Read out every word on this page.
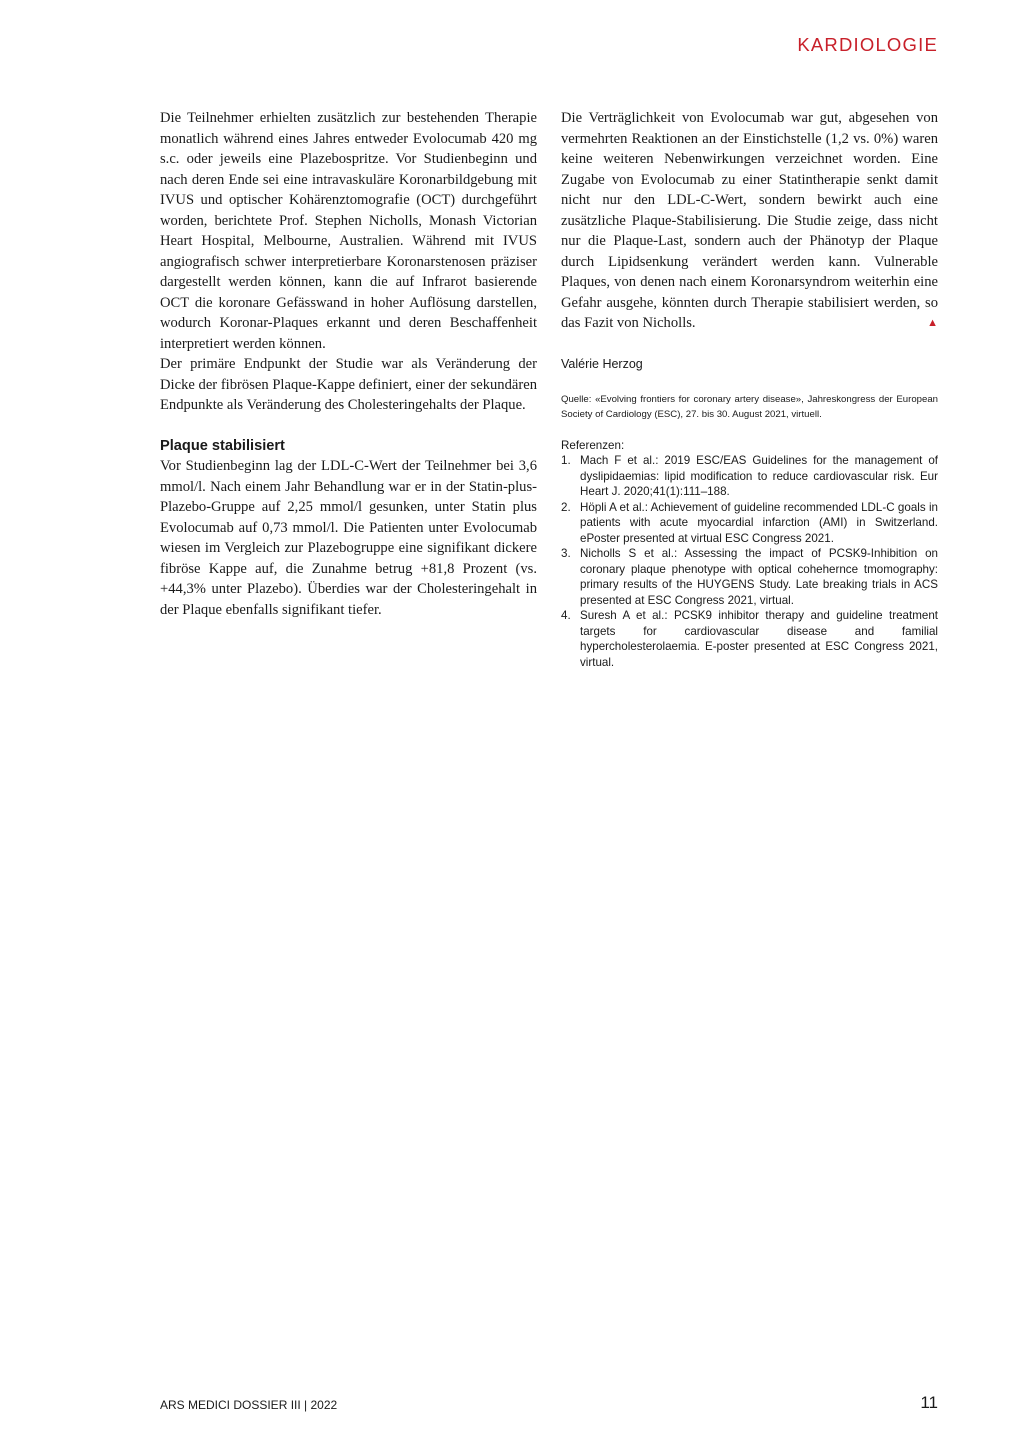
KARDIOLOGIE

Die Teilnehmer erhielten zusätzlich zur bestehenden Therapie monatlich während eines Jahres entweder Evolocumab 420 mg s.c. oder jeweils eine Plazebospritze. Vor Studienbeginn und nach deren Ende sei eine intravaskuläre Koronarbildgebung mit IVUS und optischer Kohärenztomografie (OCT) durchgeführt worden, berichtete Prof. Stephen Nicholls, Monash Victorian Heart Hospital, Melbourne, Australien. Während mit IVUS angiografisch schwer interpretierbare Koronarstenosen präziser dargestellt werden können, kann die auf Infrarot basierende OCT die koronare Gefässwand in hoher Auflösung darstellen, wodurch Koronar-Plaques erkannt und deren Beschaffenheit interpretiert werden können.

Der primäre Endpunkt der Studie war als Veränderung der Dicke der fibrösen Plaque-Kappe definiert, einer der sekundären Endpunkte als Veränderung des Cholesteringehalts der Plaque.

Plaque stabilisiert

Vor Studienbeginn lag der LDL-C-Wert der Teilnehmer bei 3,6 mmol/l. Nach einem Jahr Behandlung war er in der Statin-plus-Plazebo-Gruppe auf 2,25 mmol/l gesunken, unter Statin plus Evolocumab auf 0,73 mmol/l. Die Patienten unter Evolocumab wiesen im Vergleich zur Plazebogruppe eine signifikant dickere fibröse Kappe auf, die Zunahme betrug +81,8 Prozent (vs. +44,3% unter Plazebo). Überdies war der Cholesteringehalt in der Plaque ebenfalls signifikant tiefer.

Die Verträglichkeit von Evolocumab war gut, abgesehen von vermehrten Reaktionen an der Einstichstelle (1,2 vs. 0%) waren keine weiteren Nebenwirkungen verzeichnet worden. Eine Zugabe von Evolocumab zu einer Statintherapie senkt damit nicht nur den LDL-C-Wert, sondern bewirkt auch eine zusätzliche Plaque-Stabilisierung. Die Studie zeige, dass nicht nur die Plaque-Last, sondern auch der Phänotyp der Plaque durch Lipidsenkung verändert werden kann. Vulnerable Plaques, von denen nach einem Koronarsyndrom weiterhin eine Gefahr ausgehe, könnten durch Therapie stabilisiert werden, so das Fazit von Nicholls.	▲

Valérie Herzog

Quelle: «Evolving frontiers for coronary artery disease», Jahreskongress der European Society of Cardiology (ESC), 27. bis 30. August 2021, virtuell.

Referenzen:

1. Mach F et al.: 2019 ESC/EAS Guidelines for the management of dyslipidaemias: lipid modification to reduce cardiovascular risk. Eur Heart J. 2020;41(1):111–188.
2. Höpli A et al.: Achievement of guideline recommended LDL-C goals in patients with acute myocardial infarction (AMI) in Switzerland. ePoster presented at virtual ESC Congress 2021.
3. Nicholls S et al.: Assessing the impact of PCSK9-Inhibition on coronary plaque phenotype with optical cohehernce tmomography: primary results of the HUYGENS Study. Late breaking trials in ACS presented at ESC Congress 2021, virtual.
4. Suresh A et al.: PCSK9 inhibitor therapy and guideline treatment targets for cardiovascular disease and familial hypercholesterolaemia. E-poster presented at ESC Congress 2021, virtual.
ARS MEDICI DOSSIER III | 2022	11
